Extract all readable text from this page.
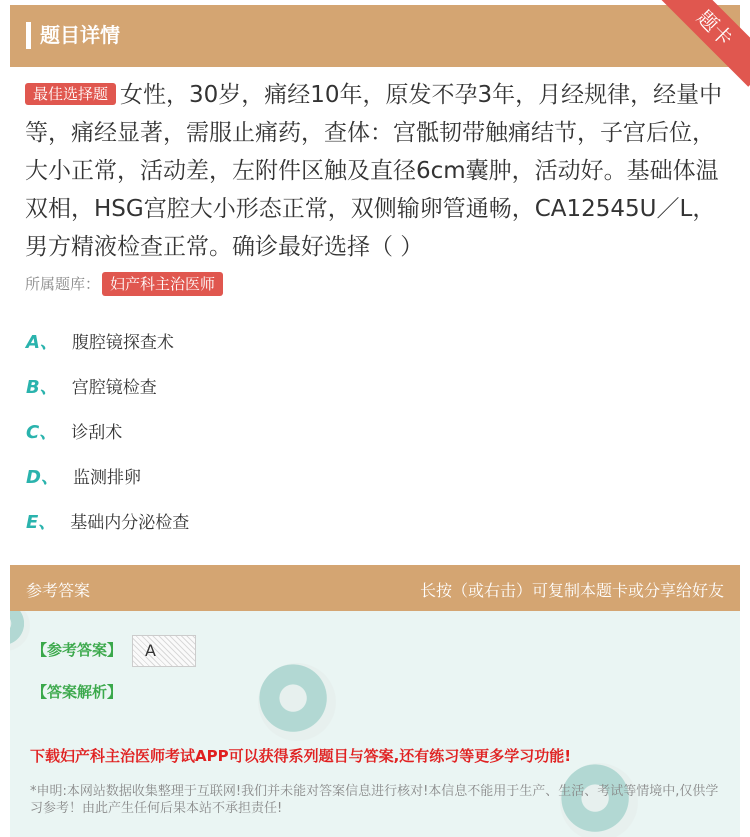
题目详情	题卡
最佳选择题 女性，30岁，痛经10年，原发不孕3年，月经规律，经量中等，痛经显著，需服止痛药，查体：宫骶韧带触痛结节，子宫后位，大小正常，活动差，左附件区触及直径6cm囊肿，活动好。基础体温双相，HSG宫腔大小形态正常，双侧输卵管通畅，CA12545U／L，男方精液检查正常。确诊最好选择（ ）
所属题库： 妇产科主治医师
A、 腹腔镜探查术
B、 宫腔镜检查
C、 诊刮术
D、 监测排卵
E、 基础内分泌检查
参考答案	长按（或右击）可复制本题卡或分享给好友
【参考答案】	A
【答案解析】
下载妇产科主治医师考试APP可以获得系列题目与答案,还有练习等更多学习功能!
*申明:本网站数据收集整理于互联网!我们并未能对答案信息进行核对!本信息不能用于生产、生活、考试等情境中,仅供学习参考！由此产生任何后果本站不承担责任!
